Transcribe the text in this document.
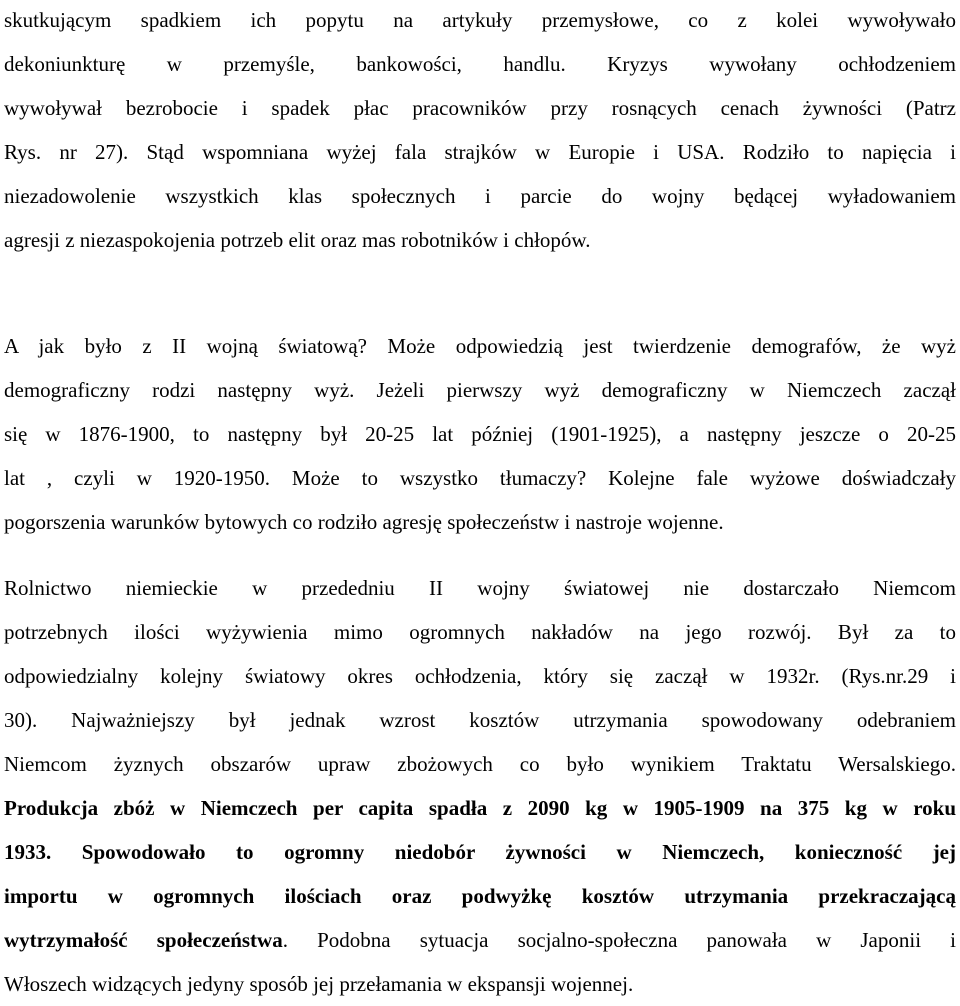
skutkującym spadkiem ich popytu na artykuły przemysłowe, co z kolei wywoływało
dekoniunkturę w przemyśle, bankowości, handlu. Kryzys wywołany ochłodzeniem
wywoływał bezrobocie i spadek płac pracowników przy rosnących cenach żywności (Patrz
Rys. nr 27). Stąd wspomniana wyżej fala strajków w Europie i USA. Rodziło to napięcia i
niezadowolenie wszystkich klas społecznych i parcie do wojny będącej wyładowaniem
agresji z niezaspokojenia potrzeb elit oraz mas robotników i chłopów.
A jak było z II wojną światową? Może odpowiedzią jest twierdzenie demografów, że wyż
demograficzny rodzi następny wyż. Jeżeli pierwszy wyż demograficzny w Niemczech zaczął
się w 1876-1900, to następny był 20-25 lat później (1901-1925), a następny jeszcze o 20-25
lat , czyli w 1920-1950. Może to wszystko tłumaczy? Kolejne fale wyżowe doświadczały
pogorszenia warunków bytowych co rodziło agresję społeczeństw i nastroje wojenne.
Rolnictwo niemieckie w przededniu II wojny światowej nie dostarczało Niemcom
potrzebnych ilości wyżywienia mimo ogromnych nakładów na jego rozwój. Był za to
odpowiedzialny kolejny światowy okres ochłodzenia, który się zaczął w 1932r. (Rys.nr.29 i
30). Najważniejszy był jednak wzrost kosztów utrzymania spowodowany odebraniem
Niemcom żyznych obszarów upraw zbożowych co było wynikiem Traktatu Wersalskiego.
Produkcja zbóż w Niemczech per capita spadła z 2090 kg w 1905-1909 na 375 kg w roku
1933. Spowodowało to ogromny niedobór żywności w Niemczech, konieczność jej
importu w ogromnych ilościach oraz podwyżkę kosztów utrzymania przekraczającą
wytrzymałość społeczeństwa. Podobna sytuacja socjalno-społeczna panowała w Japonii i
Włoszech widzących jedyny sposób jej przełamania w ekspansji wojennej.
